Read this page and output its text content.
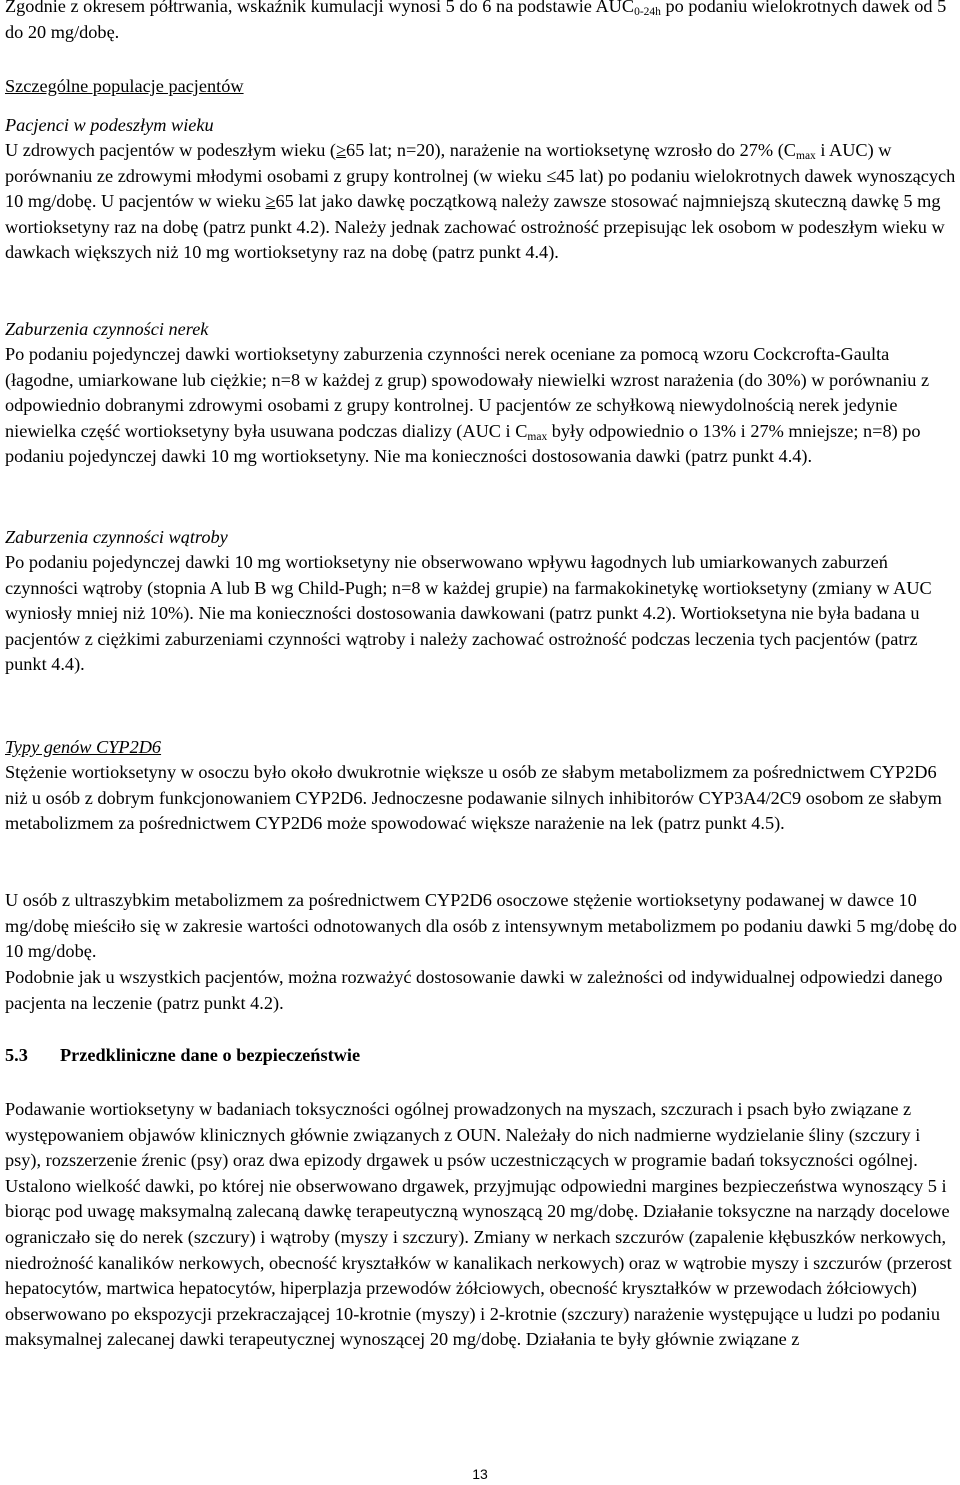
Zgodnie z okresem półtrwania, wskaźnik kumulacji wynosi 5 do 6 na podstawie $AUC_{0-24h}$ po podaniu wielokrotnych dawek od 5 do 20 mg/dobę.

Szczególne populacje pacjentów

Pacjenci w podeszłym wieku

U zdrowych pacjentów w podeszłym wieku (≥65 lat; n=20), narażenie na wortioksetynę wzrosło do 27% ($C_{max}$ i AUC) w porównaniu ze zdrowymi młodymi osobami z grupy kontrolnej (w wieku ≤45 lat) po podaniu wielokrotnych dawek wynoszących 10 mg/dobę. U pacjentów w wieku ≥65 lat jako dawkę początkową należy zawsze stosować najmniejszą skuteczną dawkę 5 mg wortioksetyny raz na dobę (patrz punkt 4.2). Należy jednak zachować ostrożność przepisując lek osobom w podeszłym wieku w dawkach większych niż 10 mg wortioksetyny raz na dobę (patrz punkt 4.4).

Zaburzenia czynności nerek

Po podaniu pojedynczej dawki wortioksetyny zaburzenia czynności nerek oceniane za pomocą wzoru Cockcrofta-Gaulta (łagodne, umiarkowane lub ciężkie; n=8 w każdej z grup) spowodowały niewielki wzrost narażenia (do 30%) w porównaniu z odpowiednio dobranymi zdrowymi osobami z grupy kontrolnej. U pacjentów ze schyłkową niewydolnością nerek jedynie niewielka część wortioksetyny była usuwana podczas dializy (AUC i $C_{max}$ były odpowiednio o 13% i 27% mniejsze; n=8) po podaniu pojedynczej dawki 10 mg wortioksetyny. Nie ma konieczności dostosowania dawki (patrz punkt 4.4).

Zaburzenia czynności wątroby

Po podaniu pojedynczej dawki 10 mg wortioksetyny nie obserwowano wpływu łagodnych lub umiarkowanych zaburzeń czynności wątroby (stopnia A lub B wg Child-Pugh; n=8 w każdej grupie) na farmakokinetykę wortioksetyny (zmiany w AUC wyniosły mniej niż 10%). Nie ma konieczności dostosowania dawkowani (patrz punkt 4.2). Wortioksetyna nie była badana u pacjentów z ciężkimi zaburzeniami czynności wątroby i należy zachować ostrożność podczas leczenia tych pacjentów (patrz punkt 4.4).

Typy genów CYP2D6

Stężenie wortioksetyny w osoczu było około dwukrotnie większe u osób ze słabym metabolizmem za pośrednictwem CYP2D6 niż u osób z dobrym funkcjonowaniem CYP2D6. Jednoczesne podawanie silnych inhibitorów CYP3A4/2C9 osobom ze słabym metabolizmem za pośrednictwem CYP2D6 może spowodować większe narażenie na lek (patrz punkt 4.5).

U osób z ultraszybkim metabolizmem za pośrednictwem CYP2D6 osoczowe stężenie wortioksetyny podawanej w dawce 10 mg/dobę mieściło się w zakresie wartości odnotowanych dla osób z intensywnym metabolizmem po podaniu dawki 5 mg/dobę do 10 mg/dobę.

Podobnie jak u wszystkich pacjentów, można rozważyć dostosowanie dawki w zależności od indywidualnej odpowiedzi danego pacjenta na leczenie (patrz punkt 4.2).

5.3 Przedkliniczne dane o bezpieczeństwie

Podawanie wortioksetyny w badaniach toksyczności ogólnej prowadzonych na myszach, szczurach i psach było związane z występowaniem objawów klinicznych głównie związanych z OUN. Należały do nich nadmierne wydzielanie śliny (szczury i psy), rozszerzenie źrenic (psy) oraz dwa epizody drgawek u psów uczestniczących w programie badań toksyczności ogólnej. Ustalono wielkość dawki, po której nie obserwowano drgawek, przyjmując odpowiedni margines bezpieczeństwa wynoszący 5 i biorąc pod uwagę maksymalną zalecaną dawkę terapeutyczną wynoszącą 20 mg/dobę. Działanie toksyczne na narządy docelowe ograniczało się do nerek (szczury) i wątroby (myszy i szczury). Zmiany w nerkach szczurów (zapalenie kłębuszków nerkowych, niedrożność kanalików nerkowych, obecność kryształków w kanalikach nerkowych) oraz w wątrobie myszy i szczurów (przerost hepatocytów, martwica hepatocytów, hiperplazja przewodów żółciowych, obecność kryształków w przewodach żółciowych) obserwowano po ekspozycji przekraczającej 10-krotnie (myszy) i 2-krotnie (szczury) narażenie występujące u ludzi po podaniu maksymalnej zalecanej dawki terapeutycznej wynoszącej 20 mg/dobę. Działania te były głównie związane z

13
